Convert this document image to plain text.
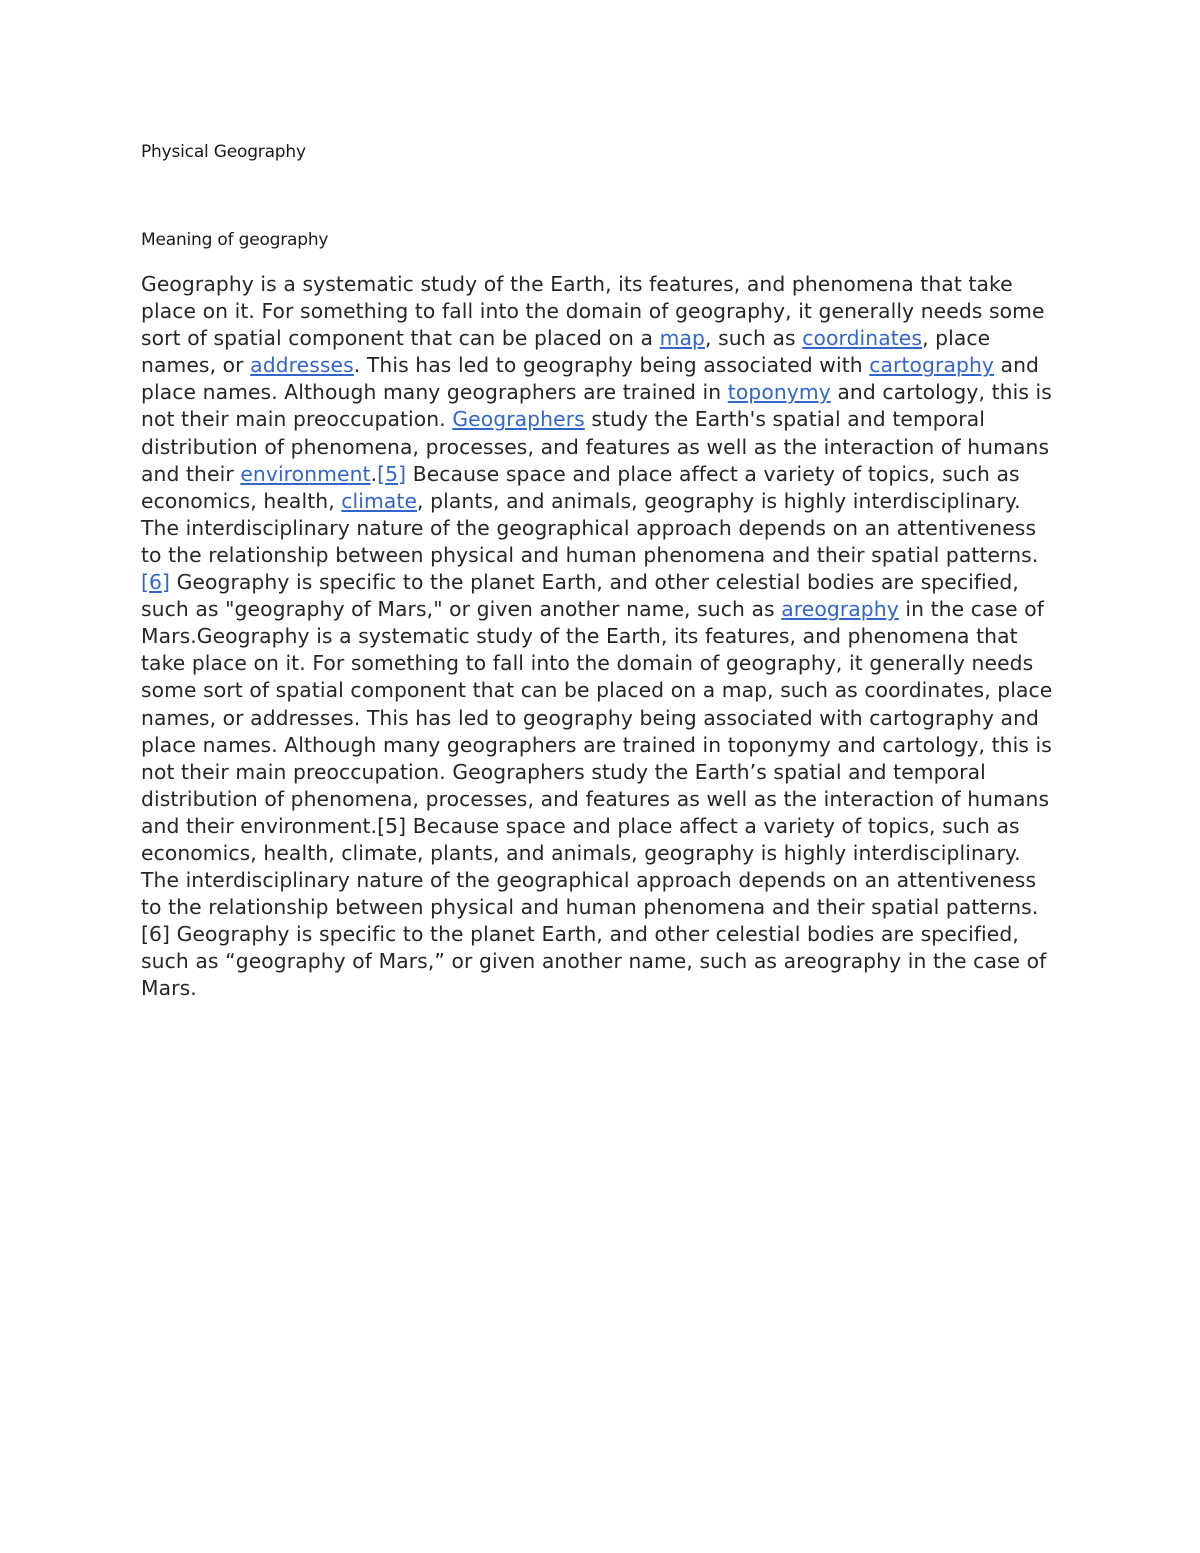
Physical Geography
Meaning of geography

Geography is a systematic study of the Earth, its features, and phenomena that take place on it. For something to fall into the domain of geography, it generally needs some sort of spatial component that can be placed on a map, such as coordinates, place names, or addresses. This has led to geography being associated with cartography and place names. Although many geographers are trained in toponymy and cartology, this is not their main preoccupation. Geographers study the Earth's spatial and temporal distribution of phenomena, processes, and features as well as the interaction of humans and their environment.[5] Because space and place affect a variety of topics, such as economics, health, climate, plants, and animals, geography is highly interdisciplinary. The interdisciplinary nature of the geographical approach depends on an attentiveness to the relationship between physical and human phenomena and their spatial patterns.[6] Geography is specific to the planet Earth, and other celestial bodies are specified, such as "geography of Mars," or given another name, such as areography in the case of Mars.Geography is a systematic study of the Earth, its features, and phenomena that take place on it. For something to fall into the domain of geography, it generally needs some sort of spatial component that can be placed on a map, such as coordinates, place names, or addresses. This has led to geography being associated with cartography and place names. Although many geographers are trained in toponymy and cartology, this is not their main preoccupation. Geographers study the Earth’s spatial and temporal distribution of phenomena, processes, and features as well as the interaction of humans and their environment.[5] Because space and place affect a variety of topics, such as economics, health, climate, plants, and animals, geography is highly interdisciplinary. The interdisciplinary nature of the geographical approach depends on an attentiveness to the relationship between physical and human phenomena and their spatial patterns.[6] Geography is specific to the planet Earth, and other celestial bodies are specified, such as “geography of Mars,” or given another name, such as areography in the case of Mars.
